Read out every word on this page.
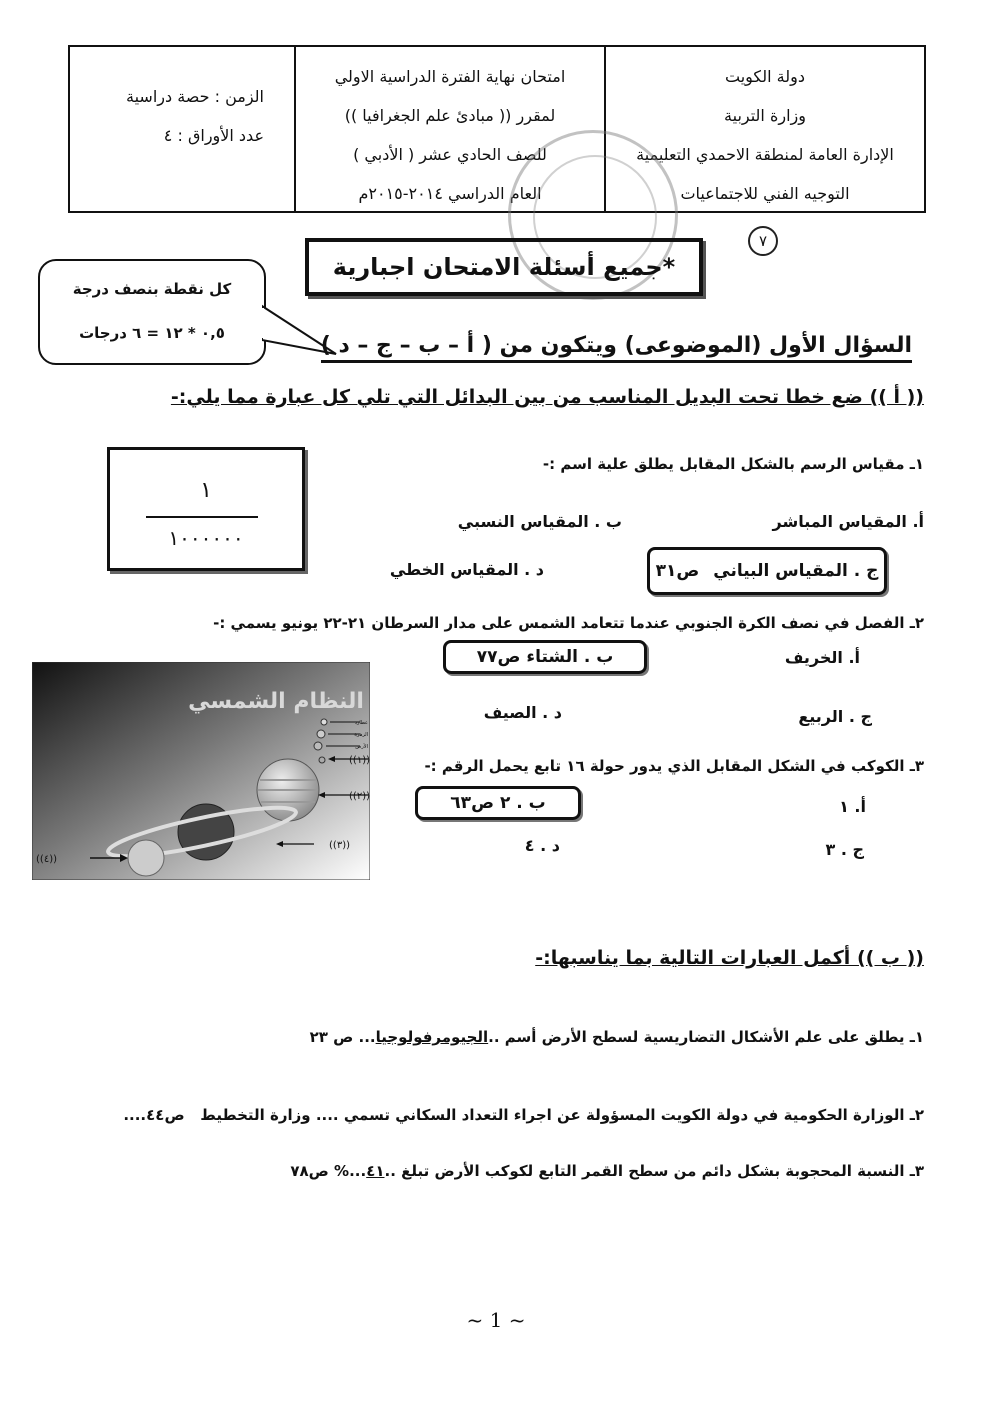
دولة الكويت
وزارة التربية
الإدارة العامة لمنطقة الاحمدي التعليمية
التوجيه الفني للاجتماعيات
امتحان نهاية الفترة الدراسية الاولي
لمقرر (( مبادئ علم الجغرافيا ))
للصف الحادي عشر ( الأدبي )
العام الدراسي ٢٠١٤-٢٠١٥م
الزمن : حصة دراسية
عدد الأوراق : ٤
٧
*جميع أسئلة الامتحان اجبارية
كل نقطة بنصف درجة
٠,٥ * ١٢ = ٦ درجات	السؤال الأول (الموضوعى) ويتكون من ( أ – ب – ج – د )
(( أ )) ضع خطا تحت البديل المناسب من بين البدائل التي تلي كل عبارة مما يلي:-
١ـ مقياس الرسم بالشكل المقابل يطلق علية اسم :-
١
١٠٠٠٠٠٠
أ. المقياس المباشر
ب . المقياس النسبي
ج . المقياس البياني
ص٣١
د . المقياس الخطي
٢ـ الفصل في نصف الكرة الجنوبي عندما تتعامد الشمس على مدار السرطان ٢١-٢٢ يونيو يسمي :-
أ. الخريف
ب . الشتاء
ص٧٧
ج . الربيع
د . الصيف
النظام الشمسي
عطارد
الزهرة
الأرض
((١))
((٢))
((٣))
((٤))
٣ـ الكوكب في الشكل المقابل الذي يدور حولة ١٦ تابع يحمل الرقم :-
أ. ١
ب . ٢
ص٦٣
ج . ٣
د . ٤
(( ب )) أكمل العبارات التالية بما يناسبها:-
١ـ يطلق على علم الأشكال التضاريسية لسطح الأرض أسم ..الجيومرفولوجيا... ص ٢٣
٢ـ الوزارة الحكومية في دولة الكويت المسؤولة عن اجراء التعداد السكاني تسمي .... وزارة التخطيط   ص٤٤....
٣ـ النسبة المحجوبة بشكل دائم من سطح القمر التابع لكوكب الأرض تبلغ ..٤١...% ص٧٨
~ 1 ~
